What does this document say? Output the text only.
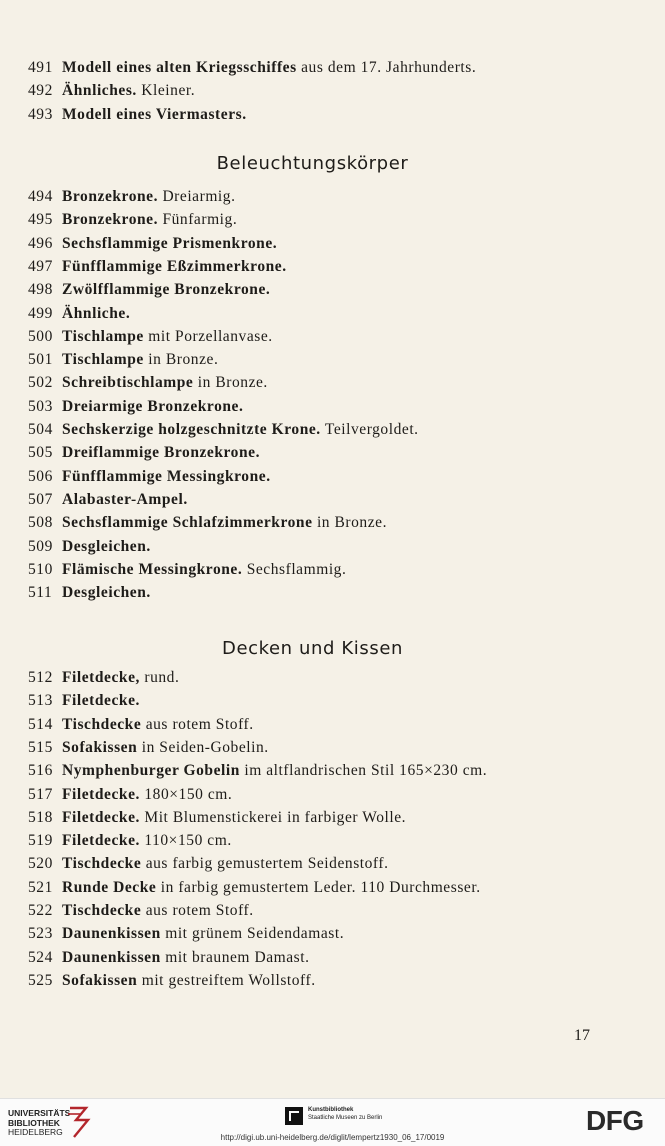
491 Modell eines alten Kriegsschiffes aus dem 17. Jahrhunderts.
492 Ähnliches. Kleiner.
493 Modell eines Viermasters.
Beleuchtungskörper
494 Bronzekrone. Dreiarmig.
495 Bronzekrone. Fünfarmig.
496 Sechsflammige Prismenkrone.
497 Fünfflammige Eßzimmerkrone.
498 Zwölfflammige Bronzekrone.
499 Ähnliche.
500 Tischlampe mit Porzellanvase.
501 Tischlampe in Bronze.
502 Schreibtischlampe in Bronze.
503 Dreiarmige Bronzekrone.
504 Sechskerzige holzgeschnitzte Krone. Teilvergoldet.
505 Dreiflammige Bronzekrone.
506 Fünfflammige Messingkrone.
507 Alabaster-Ampel.
508 Sechsflammige Schlafzimmerkrone in Bronze.
509 Desgleichen.
510 Flämische Messingkrone. Sechsflammig.
511 Desgleichen.
Decken und Kissen
512 Filetdecke, rund.
513 Filetdecke.
514 Tischdecke aus rotem Stoff.
515 Sofakissen in Seiden-Gobelin.
516 Nymphenburger Gobelin im altflandrischen Stil 165×230 cm.
517 Filetdecke. 180×150 cm.
518 Filetdecke. Mit Blumenstickerei in farbiger Wolle.
519 Filetdecke. 110×150 cm.
520 Tischdecke aus farbig gemustertem Seidenstoff.
521 Runde Decke in farbig gemustertem Leder. 110 Durchmesser.
522 Tischdecke aus rotem Stoff.
523 Daunenkissen mit grünem Seidendamast.
524 Daunenkissen mit braunem Damast.
525 Sofakissen mit gestreiftem Wollstoff.
17
UNIVERSITÄTS-
BIBLIOTHEK
HEIDELBERG
Kunstbibliothek
Staatliche Museen zu Berlin	DFG
http://digi.ub.uni-heidelberg.de/diglit/lempertz1930_06_17/0019
